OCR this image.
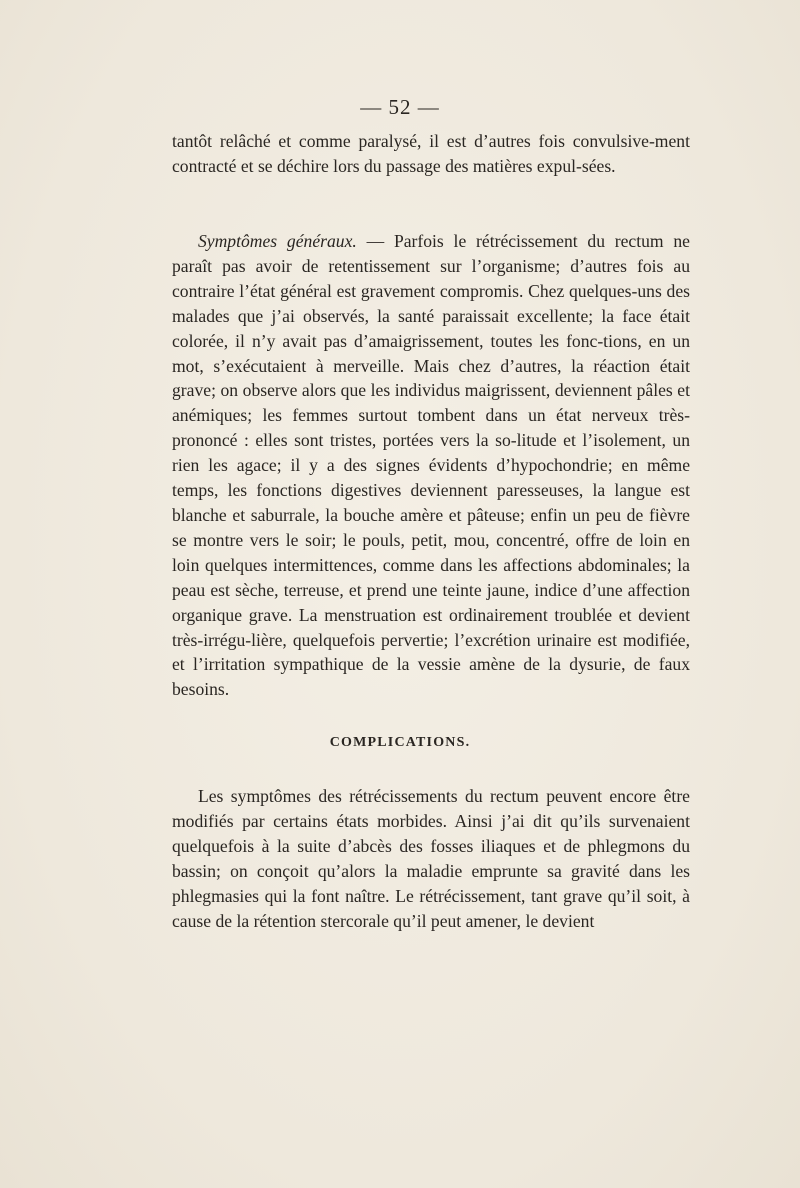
— 52 —

tantôt relâché et comme paralysé, il est d’autres fois convulsive-ment contracté et se déchire lors du passage des matières expul-sées.

Symptômes généraux. — Parfois le rétrécissement du rectum ne paraît pas avoir de retentissement sur l’organisme; d’autres fois au contraire l’état général est gravement compromis. Chez quelques-uns des malades que j’ai observés, la santé paraissait excellente; la face était colorée, il n’y avait pas d’amaigrissement, toutes les fonc-tions, en un mot, s’exécutaient à merveille. Mais chez d’autres, la réaction était grave; on observe alors que les individus maigrissent, deviennent pâles et anémiques; les femmes surtout tombent dans un état nerveux très-prononcé : elles sont tristes, portées vers la so-litude et l’isolement, un rien les agace; il y a des signes évidents d’hypochondrie; en même temps, les fonctions digestives deviennent paresseuses, la langue est blanche et saburrale, la bouche amère et pâteuse; enfin un peu de fièvre se montre vers le soir; le pouls, petit, mou, concentré, offre de loin en loin quelques intermittences, comme dans les affections abdominales; la peau est sèche, terreuse, et prend une teinte jaune, indice d’une affection organique grave. La menstruation est ordinairement troublée et devient très-irrégu-lière, quelquefois pervertie; l’excrétion urinaire est modifiée, et l’irritation sympathique de la vessie amène de la dysurie, de faux besoins.

COMPLICATIONS.

Les symptômes des rétrécissements du rectum peuvent encore être modifiés par certains états morbides. Ainsi j’ai dit qu’ils survenaient quelquefois à la suite d’abcès des fosses iliaques et de phlegmons du bassin; on conçoit qu’alors la maladie emprunte sa gravité dans les phlegmasies qui la font naître. Le rétrécissement, tant grave qu’il soit, à cause de la rétention stercorale qu’il peut amener, le devient
